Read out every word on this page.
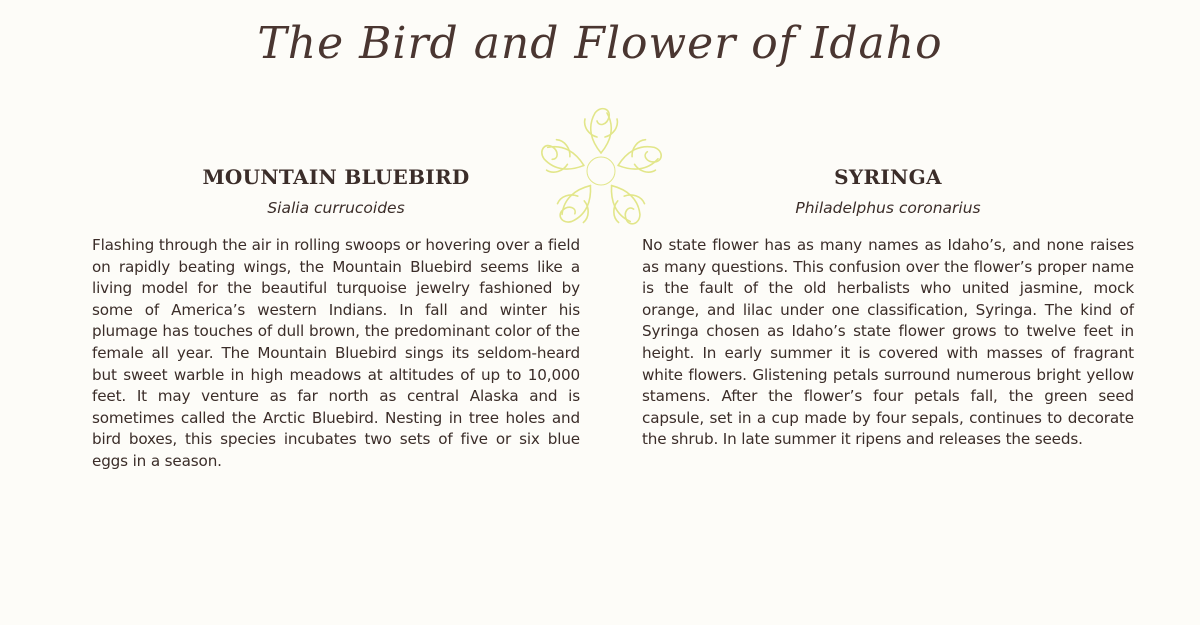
The Bird and Flower of Idaho
MOUNTAIN BLUEBIRD

Sialia currucoides

Flashing through the air in rolling swoops or hovering over a field on rapidly beating wings, the Mountain Bluebird seems like a living model for the beautiful turquoise jewelry fashioned by some of America’s western Indians. In fall and winter his plumage has touches of dull brown, the predominant color of the female all year. The Mountain Bluebird sings its seldom-heard but sweet warble in high meadows at altitudes of up to 10,000 feet. It may venture as far north as central Alaska and is sometimes called the Arctic Bluebird. Nesting in tree holes and bird boxes, this species incubates two sets of five or six blue eggs in a season.

SYRINGA

Philadelphus coronarius

No state flower has as many names as Idaho’s, and none raises as many questions. This confusion over the flower’s proper name is the fault of the old herbalists who united jasmine, mock orange, and lilac under one classification, Syringa. The kind of Syringa chosen as Idaho’s state flower grows to twelve feet in height. In early summer it is covered with masses of fragrant white flowers. Glistening petals surround numerous bright yellow stamens. After the flower’s four petals fall, the green seed capsule, set in a cup made by four sepals, continues to decorate the shrub. In late summer it ripens and releases the seeds.
